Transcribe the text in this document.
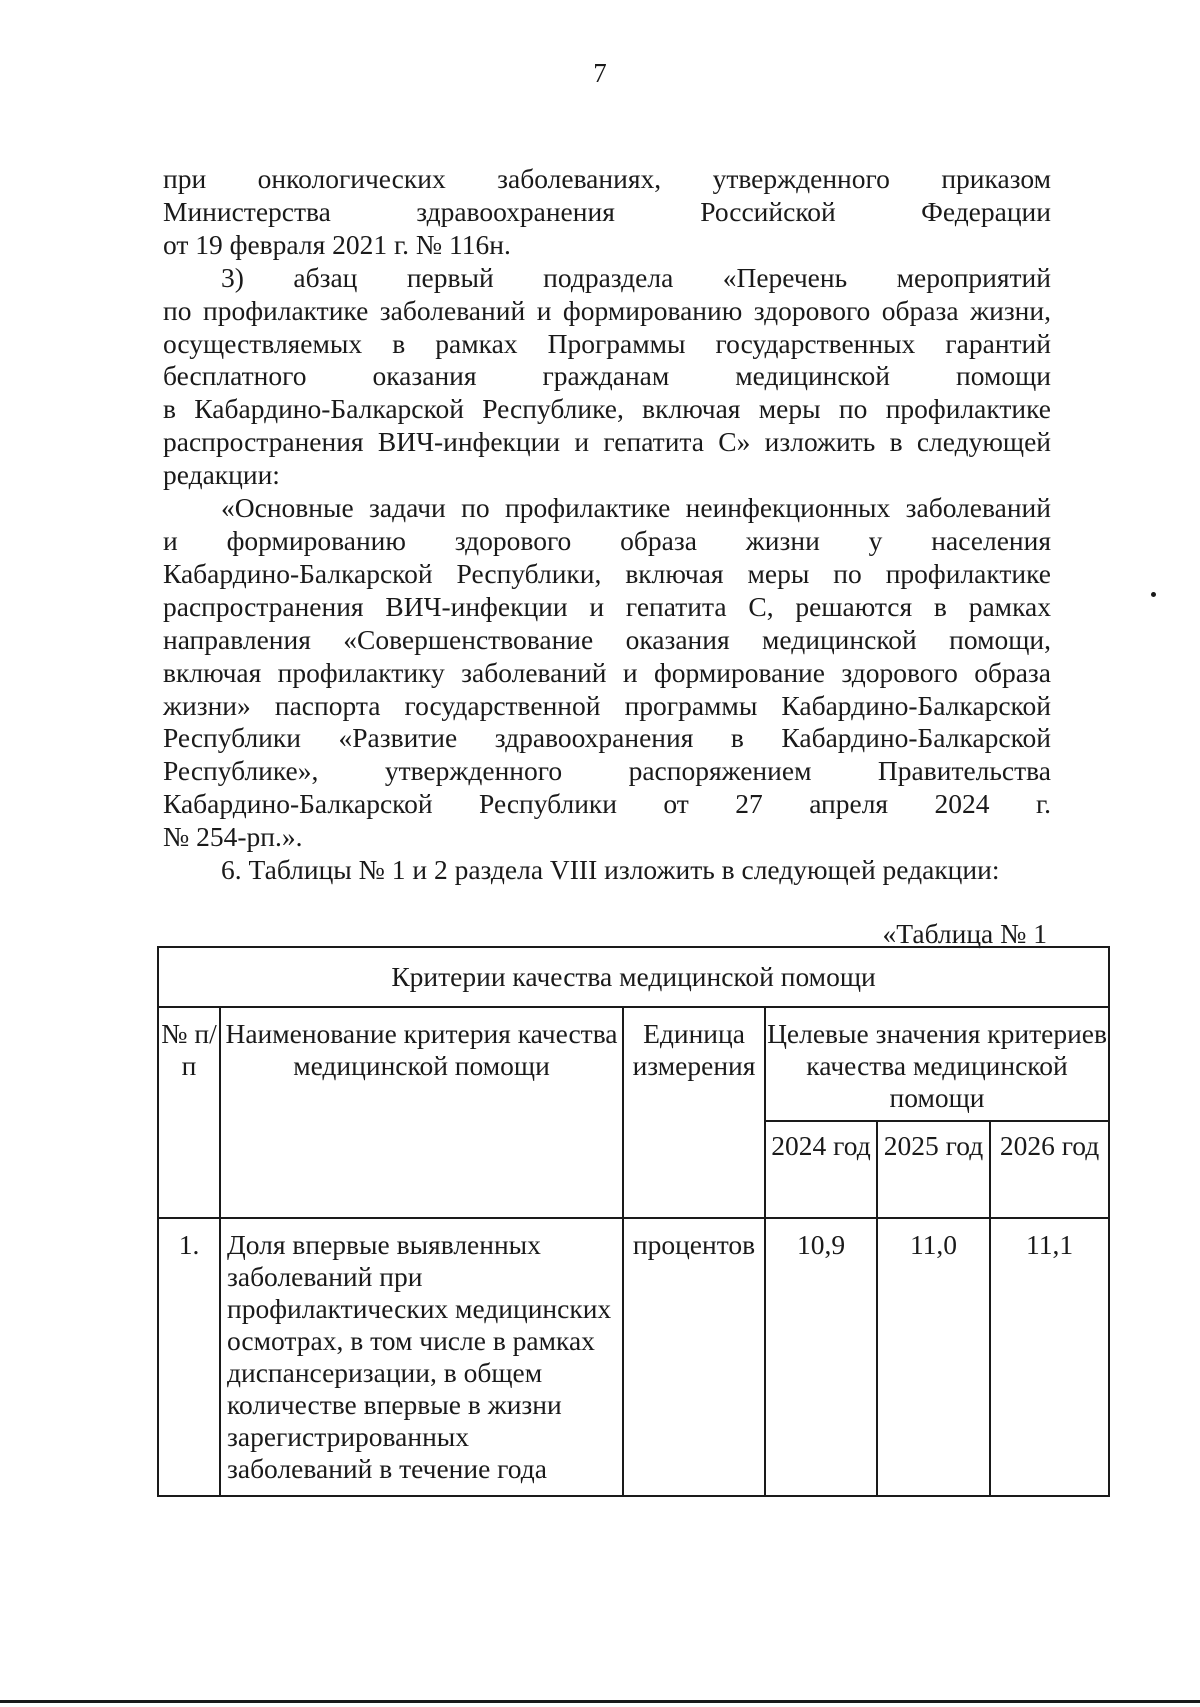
7

при онкологических заболеваниях, утвержденного приказом

Министерства здравоохранения Российской Федерации

от 19 февраля 2021 г. № 116н.

3) абзац первый подраздела «Перечень мероприятий

по профилактике заболеваний и формированию здорового образа жизни,

осуществляемых в рамках Программы государственных гарантий

бесплатного оказания гражданам медицинской помощи

в Кабардино-Балкарской Республике, включая меры по профилактике

распространения ВИЧ-инфекции и гепатита С» изложить в следующей

редакции:

«Основные задачи по профилактике неинфекционных заболеваний

и формированию здорового образа жизни у населения

Кабардино-Балкарской Республики, включая меры по профилактике

распространения ВИЧ-инфекции и гепатита С, решаются в рамках

направления «Совершенствование оказания медицинской помощи,

включая профилактику заболеваний и формирование здорового образа

жизни» паспорта государственной программы Кабардино-Балкарской

Республики «Развитие здравоохранения в Кабардино-Балкарской

Республике», утвержденного распоряжением Правительства

Кабардино-Балкарской Республики от 27 апреля 2024 г.

№ 254-рп.».

6. Таблицы № 1 и 2 раздела VIII изложить в следующей редакции:

«Таблица № 1
Критерии качества медицинской помощи					
№ п/п	Наименование критерия качества медицинской помощи	Единица измерения	Целевые значения критериев качества медицинской помощи		
			2024 год	2025 год	2026 год
1.	Доля впервые выявленных заболеваний при профилактических медицинских осмотрах, в том числе в рамках диспансеризации, в общем количестве впервые в жизни зарегистрированных заболеваний в течение года	процентов	10,9	11,0	11,1
